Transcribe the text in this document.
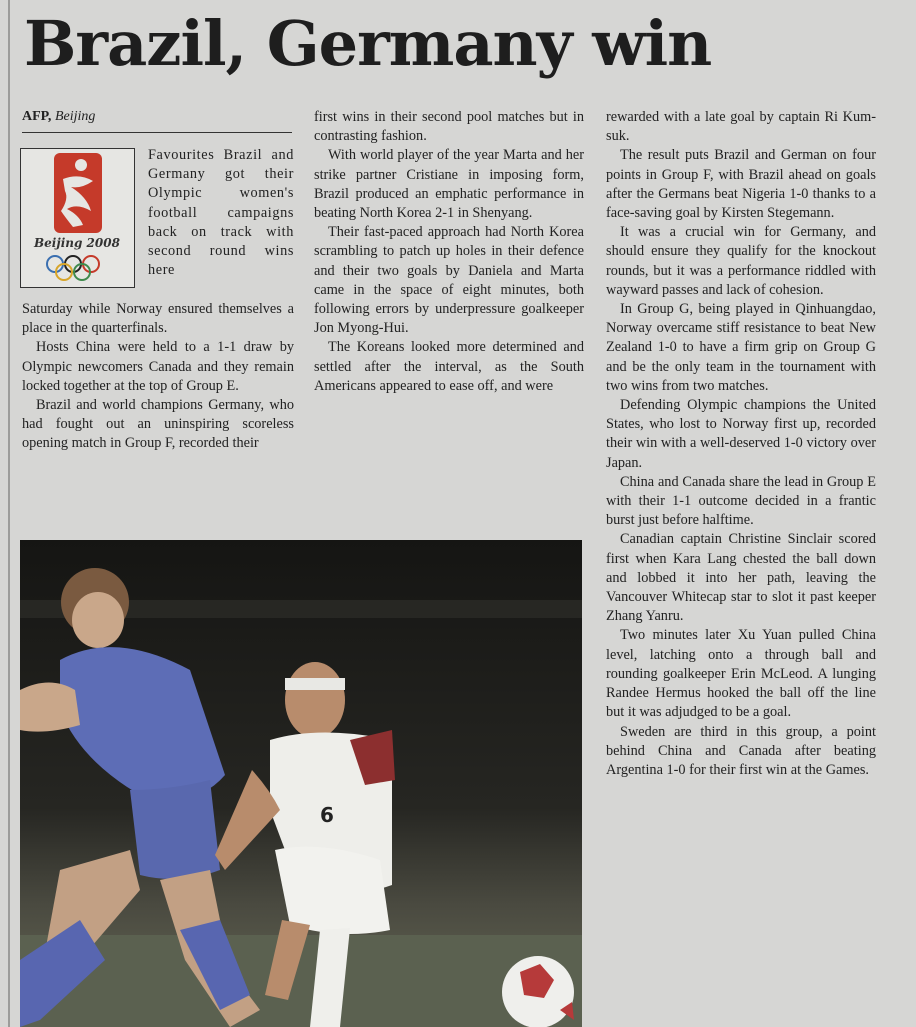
Brazil, Germany win
AFP, Beijing
Beijing 2008

Favourites Brazil and Germany got their Olympic women's football campaigns back on track with second round wins here

Saturday while Norway ensured themselves a place in the quarterfinals.

Hosts China were held to a 1-1 draw by Olympic newcomers Canada and they remain locked together at the top of Group E.

Brazil and world champions Germany, who had fought out an uninspiring scoreless opening match in Group F, recorded their

first wins in their second pool matches but in contrasting fashion.

With world player of the year Marta and her strike partner Cristiane in imposing form, Brazil produced an emphatic performance in beating North Korea 2-1 in Shenyang.

Their fast-paced approach had North Korea scrambling to patch up holes in their defence and their two goals by Daniela and Marta came in the space of eight minutes, both following errors by underpressure goalkeeper Jon Myong-Hui.

The Koreans looked more determined and settled after the interval, as the South Americans appeared to ease off, and were

rewarded with a late goal by captain Ri Kum-suk.

The result puts Brazil and German on four points in Group F, with Brazil ahead on goals after the Germans beat Nigeria 1-0 thanks to a face-saving goal by Kirsten Stegemann.

It was a crucial win for Germany, and should ensure they qualify for the knockout rounds, but it was a performance riddled with wayward passes and lack of cohesion.

In Group G, being played in Qinhuangdao, Norway overcame stiff resistance to beat New Zealand 1-0 to have a firm grip on Group G and be the only team in the tournament with two wins from two matches.

Defending Olympic champions the United States, who lost to Norway first up, recorded their win with a well-deserved 1-0 victory over Japan.

China and Canada share the lead in Group E with their 1-1 outcome decided in a frantic burst just before halftime.

Canadian captain Christine Sinclair scored first when Kara Lang chested the ball down and lobbed it into her path, leaving the Vancouver Whitecap star to slot it past keeper Zhang Yanru.

Two minutes later Xu Yuan pulled China level, latching onto a through ball and rounding goalkeeper Erin McLeod. A lunging Randee Hermus hooked the ball off the line but it was adjudged to be a goal.

Sweden are third in this group, a point behind China and Canada after beating Argentina 1-0 for their first win at the Games.

6
